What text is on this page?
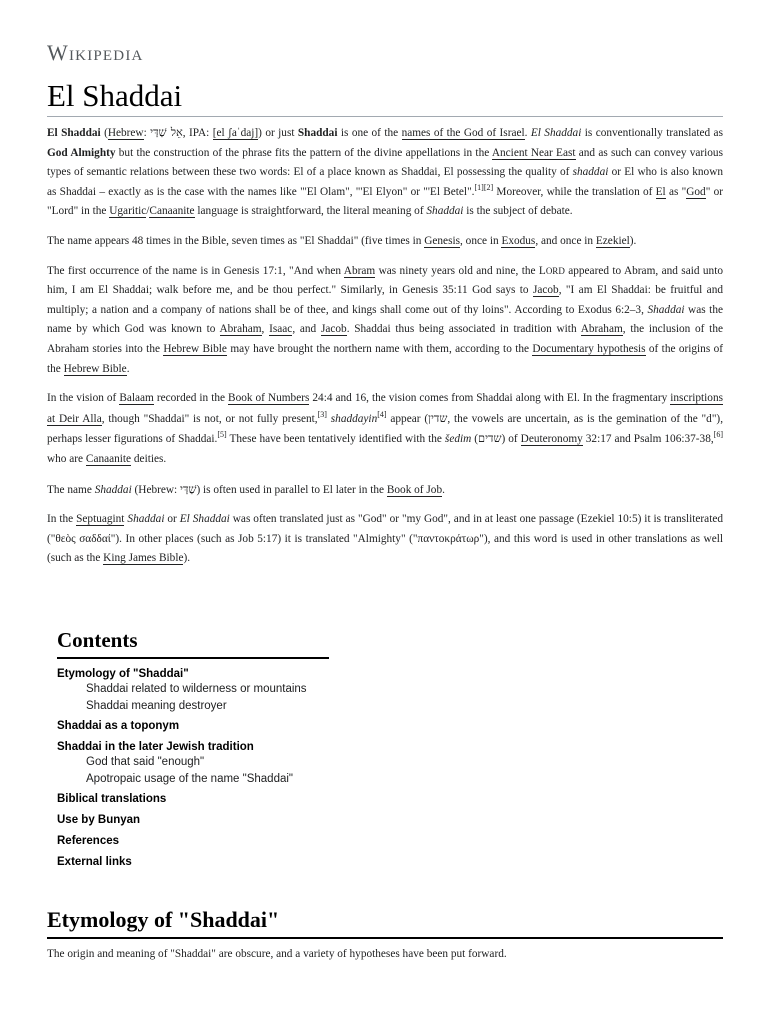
Wikipedia
El Shaddai

El Shaddai (Hebrew: אֵל שַׁדַּי, IPA: [el ʃaˈdaj]) or just Shaddai is one of the names of the God of Israel. El Shaddai is conventionally translated as God Almighty but the construction of the phrase fits the pattern of the divine appellations in the Ancient Near East and as such can convey various types of semantic relations between these two words: El of a place known as Shaddai, El possessing the quality of shaddai or El who is also known as Shaddai – exactly as is the case with the names like "'El Olam", "'El Elyon" or "'El Betel".[1][2] Moreover, while the translation of El as "God" or "Lord" in the Ugaritic/Canaanite language is straightforward, the literal meaning of Shaddai is the subject of debate.

The name appears 48 times in the Bible, seven times as "El Shaddai" (five times in Genesis, once in Exodus, and once in Ezekiel).

The first occurrence of the name is in Genesis 17:1, "And when Abram was ninety years old and nine, the LORD appeared to Abram, and said unto him, I am El Shaddai; walk before me, and be thou perfect." Similarly, in Genesis 35:11 God says to Jacob, "I am El Shaddai: be fruitful and multiply; a nation and a company of nations shall be of thee, and kings shall come out of thy loins". According to Exodus 6:2–3, Shaddai was the name by which God was known to Abraham, Isaac, and Jacob. Shaddai thus being associated in tradition with Abraham, the inclusion of the Abraham stories into the Hebrew Bible may have brought the northern name with them, according to the Documentary hypothesis of the origins of the Hebrew Bible.

In the vision of Balaam recorded in the Book of Numbers 24:4 and 16, the vision comes from Shaddai along with El. In the fragmentary inscriptions at Deir Alla, though "Shaddai" is not, or not fully present,[3] shaddayin[4] appear (שדין, the vowels are uncertain, as is the gemination of the "d"), perhaps lesser figurations of Shaddai.[5] These have been tentatively identified with the šedim (שדים) of Deuteronomy 32:17 and Psalm 106:37-38,[6] who are Canaanite deities.

The name Shaddai (Hebrew: שַׁדַּי) is often used in parallel to El later in the Book of Job.

In the Septuagint Shaddai or El Shaddai was often translated just as "God" or "my God", and in at least one passage (Ezekiel 10:5) it is transliterated ("θεὸς σαδδαί"). In other places (such as Job 5:17) it is translated "Almighty" ("παντοκράτωρ"), and this word is used in other translations as well (such as the King James Bible).

Contents
Etymology of "Shaddai"
Shaddai related to wilderness or mountains
Shaddai meaning destroyer
Shaddai as a toponym
Shaddai in the later Jewish tradition
God that said "enough"
Apotropaic usage of the name "Shaddai"
Biblical translations
Use by Bunyan
References
External links
Etymology of "Shaddai"

The origin and meaning of "Shaddai" are obscure, and a variety of hypotheses have been put forward.
